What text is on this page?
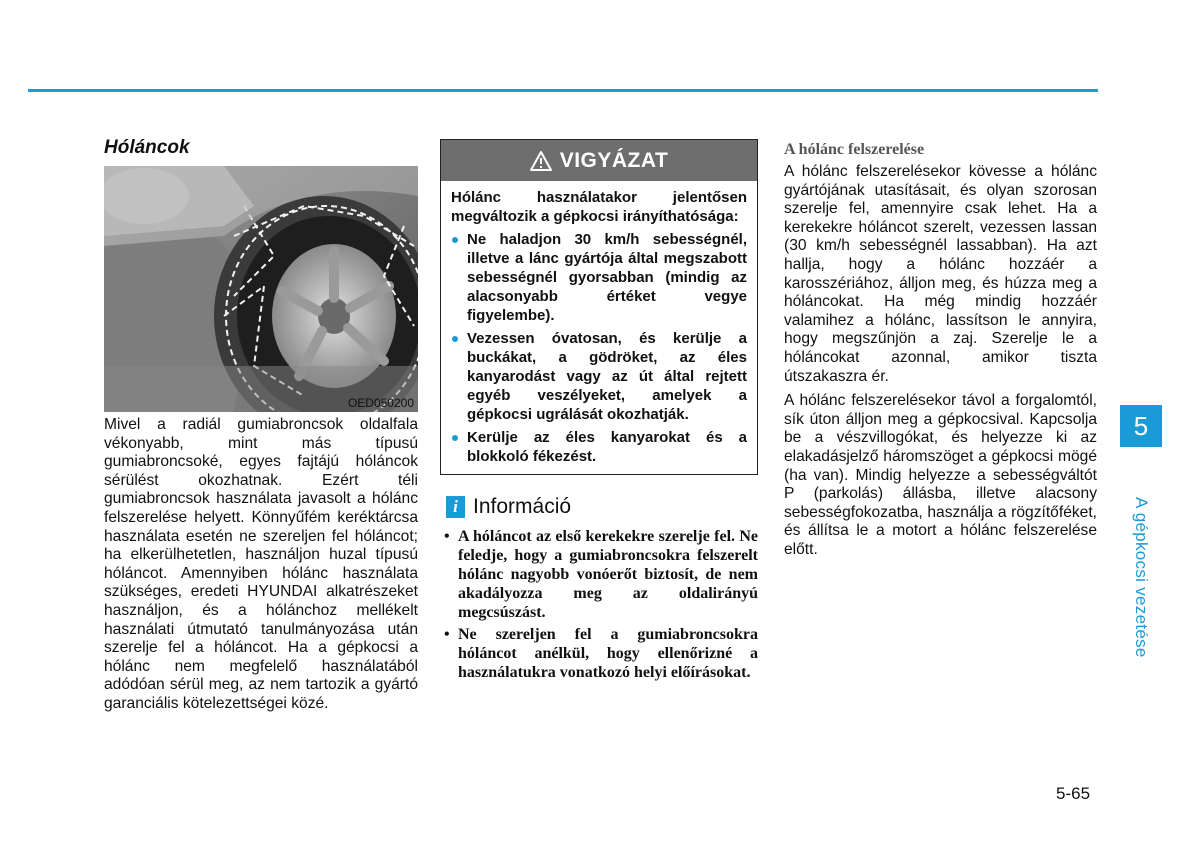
Hóláncok
OED050200

Mivel a radiál gumiabroncsok oldalfala vékonyabb, mint más típusú gumiabroncsoké, egyes fajtájú hóláncok sérülést okozhatnak. Ezért téli gumiabroncsok használata javasolt a hólánc felszerelése helyett. Könnyűfém keréktárcsa használata esetén ne szereljen fel hóláncot; ha elkerülhetetlen, használjon huzal típusú hóláncot. Amennyiben hólánc használata szükséges, eredeti HYUNDAI alkatrészeket használjon, és a hólánchoz mellékelt használati útmutató tanulmányozása után szerelje fel a hóláncot. Ha a gépkocsi a hólánc nem megfelelő használatából adódóan sérül meg, az nem tartozik a gyártó garanciális kötelezettségei közé.

VIGYÁZAT

Hólánc használatakor jelentősen megváltozik a gépkocsi irányíthatósága:

Ne haladjon 30 km/h sebességnél, illetve a lánc gyártója által megszabott sebességnél gyorsabban (mindig az alacsonyabb értéket vegye figyelembe).
Vezessen óvatosan, és kerülje a buckákat, a gödröket, az éles kanyarodást vagy az út által rejtett egyéb veszélyeket, amelyek a gépkocsi ugrálását okozhatják.
Kerülje az éles kanyarokat és a blokkoló fékezést.
i Információ
• A hóláncot az első kerekekre szerelje fel. Ne feledje, hogy a gumiabroncsokra felszerelt hólánc nagyobb vonóerőt biztosít, de nem akadályozza meg az oldalirányú megcsúszást.
• Ne szereljen fel a gumiabroncsokra hóláncot anélkül, hogy ellenőrizné a használatukra vonatkozó helyi előírásokat.
A hólánc felszerelése

A hólánc felszerelésekor kövesse a hólánc gyártójának utasításait, és olyan szorosan szerelje fel, amennyire csak lehet. Ha a kerekekre hóláncot szerelt, vezessen lassan (30 km/h sebességnél lassabban). Ha azt hallja, hogy a hólánc hozzáér a karosszériához, álljon meg, és húzza meg a hóláncokat. Ha még mindig hozzáér valamihez a hólánc, lassítson le annyira, hogy megszűnjön a zaj. Szerelje le a hóláncokat azonnal, amikor tiszta útszakaszra ér.

A hólánc felszerelésekor távol a forgalomtól, sík úton álljon meg a gépkocsival. Kapcsolja be a vészvillogókat, és helyezze ki az elakadásjelző háromszöget a gépkocsi mögé (ha van). Mindig helyezze a sebességváltót P (parkolás) állásba, illetve alacsony sebességfokozatba, használja a rögzítőféket, és állítsa le a motort a hólánc felszerelése előtt.

5
A gépkocsi vezetése
5-65
